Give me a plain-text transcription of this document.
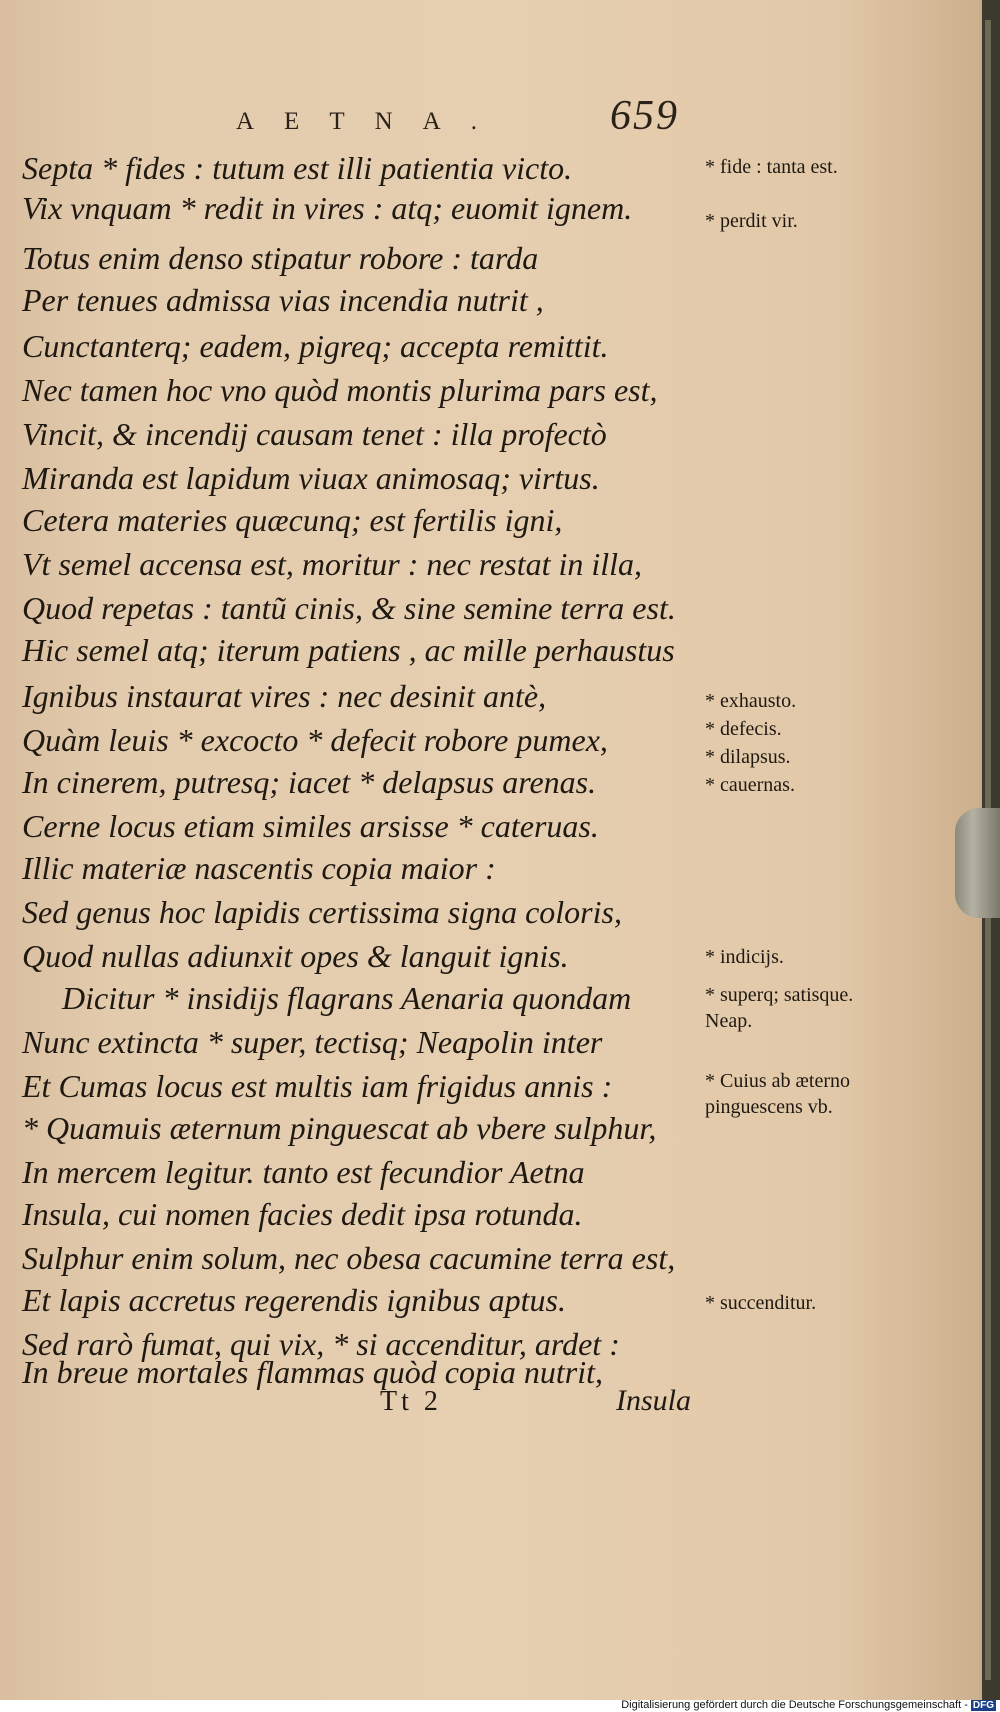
AETNA. 659
Septa * fides : tutum est illi patientia victo.
Vix vnquam * redit in vires : atq; euomit ignem.
Totus enim denso stipatur robore : tarda
Per tenues admissa vias incendia nutrit ,
Cunctanterq; eadem, pigreq; accepta remittit.
Nec tamen hoc vno quòd montis plurima pars est,
Vincit, & incendij causam tenet : illa profectò
Miranda est lapidum viuax animosaq; virtus.
Cetera materies quæcunq; est fertilis igni,
Vt semel accensa est, moritur : nec restat in illa,
Quod repetas : tantũ cinis, & sine semine terra est.
Hic semel atq; iterum patiens , ac mille perhaustus
Ignibus instaurat vires : nec desinit antè,
Quàm leuis * excocto * defecit robore pumex,
In cinerem, putresq; iacet * delapsus arenas.
Cerne locus etiam similes arsisse * cateruas.
Illic materiæ nascentis copia maior :
Sed genus hoc lapidis certissima signa coloris,
Quod nullas adiunxit opes & languit ignis.
Dicitur * insidijs flagrans Aenaria quondam
Nunc extincta * super, tectisq; Neapolin inter
Et Cumas locus est multis iam frigidus annis :
* Quamuis æternum pinguescat ab vbere sulphur,
In mercem legitur. tanto est fecundior Aetna
Insula, cui nomen facies dedit ipsa rotunda.
Sulphur enim solum, nec obesa cacumine terra est,
Et lapis accretus regerendis ignibus aptus.
Sed rarò fumat, qui vix, * si accenditur, ardet :
In breue mortales flammas quòd copia nutrit,
* fide : tanta est.
* perdit vir.
* exhausto.
* defecis.
* dilapsus.
* cauernas.
* indicijs.
* superq; satisque. Neap.
* Cuius ab æterno pinguescens vb.
* succenditur.
Tt 2	Insula
Digitalisierung gefördert durch die Deutsche Forschungsgemeinschaft - DFG
